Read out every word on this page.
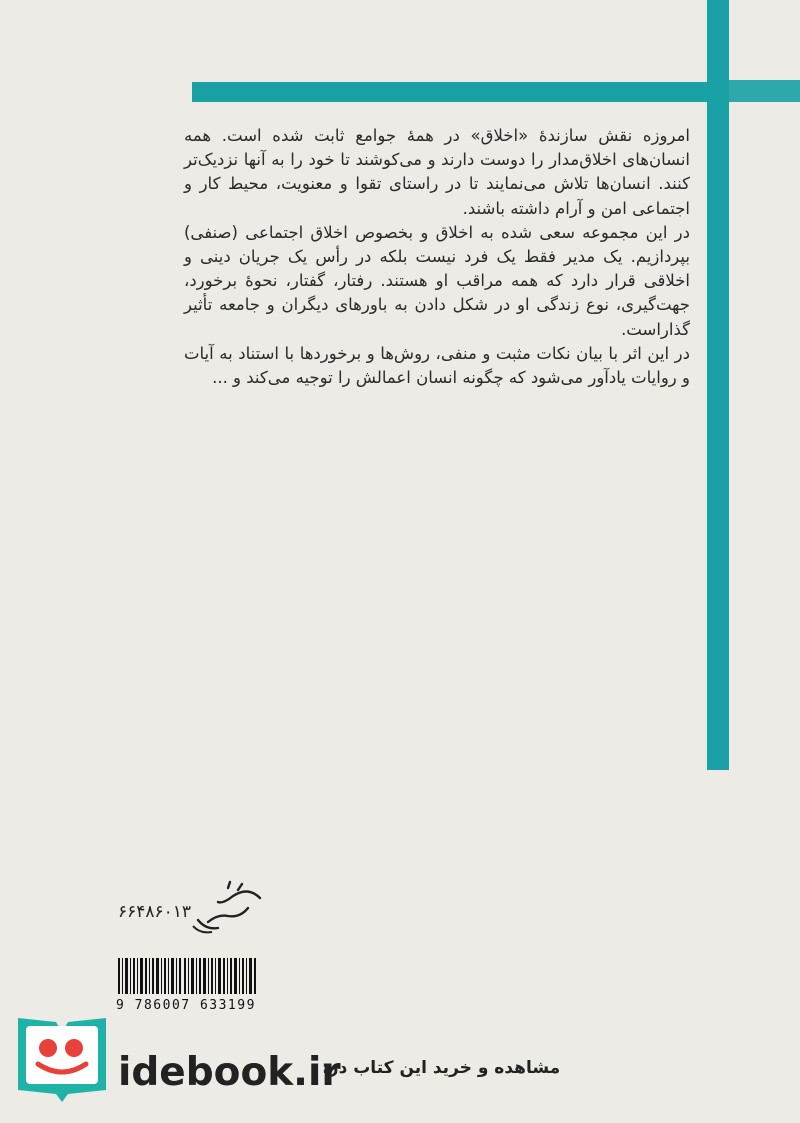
امروزه نقش سازندهٔ «اخلاق» در همهٔ جوامع ثابت شده است. همه انسان‌های اخلاق‌مدار را دوست دارند و می‌کوشند تا خود را به آنها نزدیک‌تر کنند. انسان‌ها تلاش می‌نمایند تا در راستای تقوا و معنویت، محیط کار و اجتماعی امن و آرام داشته باشند.

در این مجموعه سعی شده به اخلاق و بخصوص اخلاق اجتماعی (صنفی) بپردازیم. یک مدیر فقط یک فرد نیست بلکه در رأس یک جریان دینی و اخلاقی قرار دارد که همه مراقب او هستند. رفتار، گفتار، نحوهٔ برخورد، جهت‌گیری، نوع زندگی او در شکل دادن به باورهای دیگران و جامعه تأثیر گذاراست.

در این اثر با بیان نکات مثبت و منفی، روش‌ها و برخوردها با استناد به آیات و روایات یادآور می‌شود که چگونه انسان اعمالش را توجیه می‌کند و ...

۶۶۴۸۶۰۱۳
9 786007 633199
idebook.ir
مشاهده و خرید این کتاب در:
